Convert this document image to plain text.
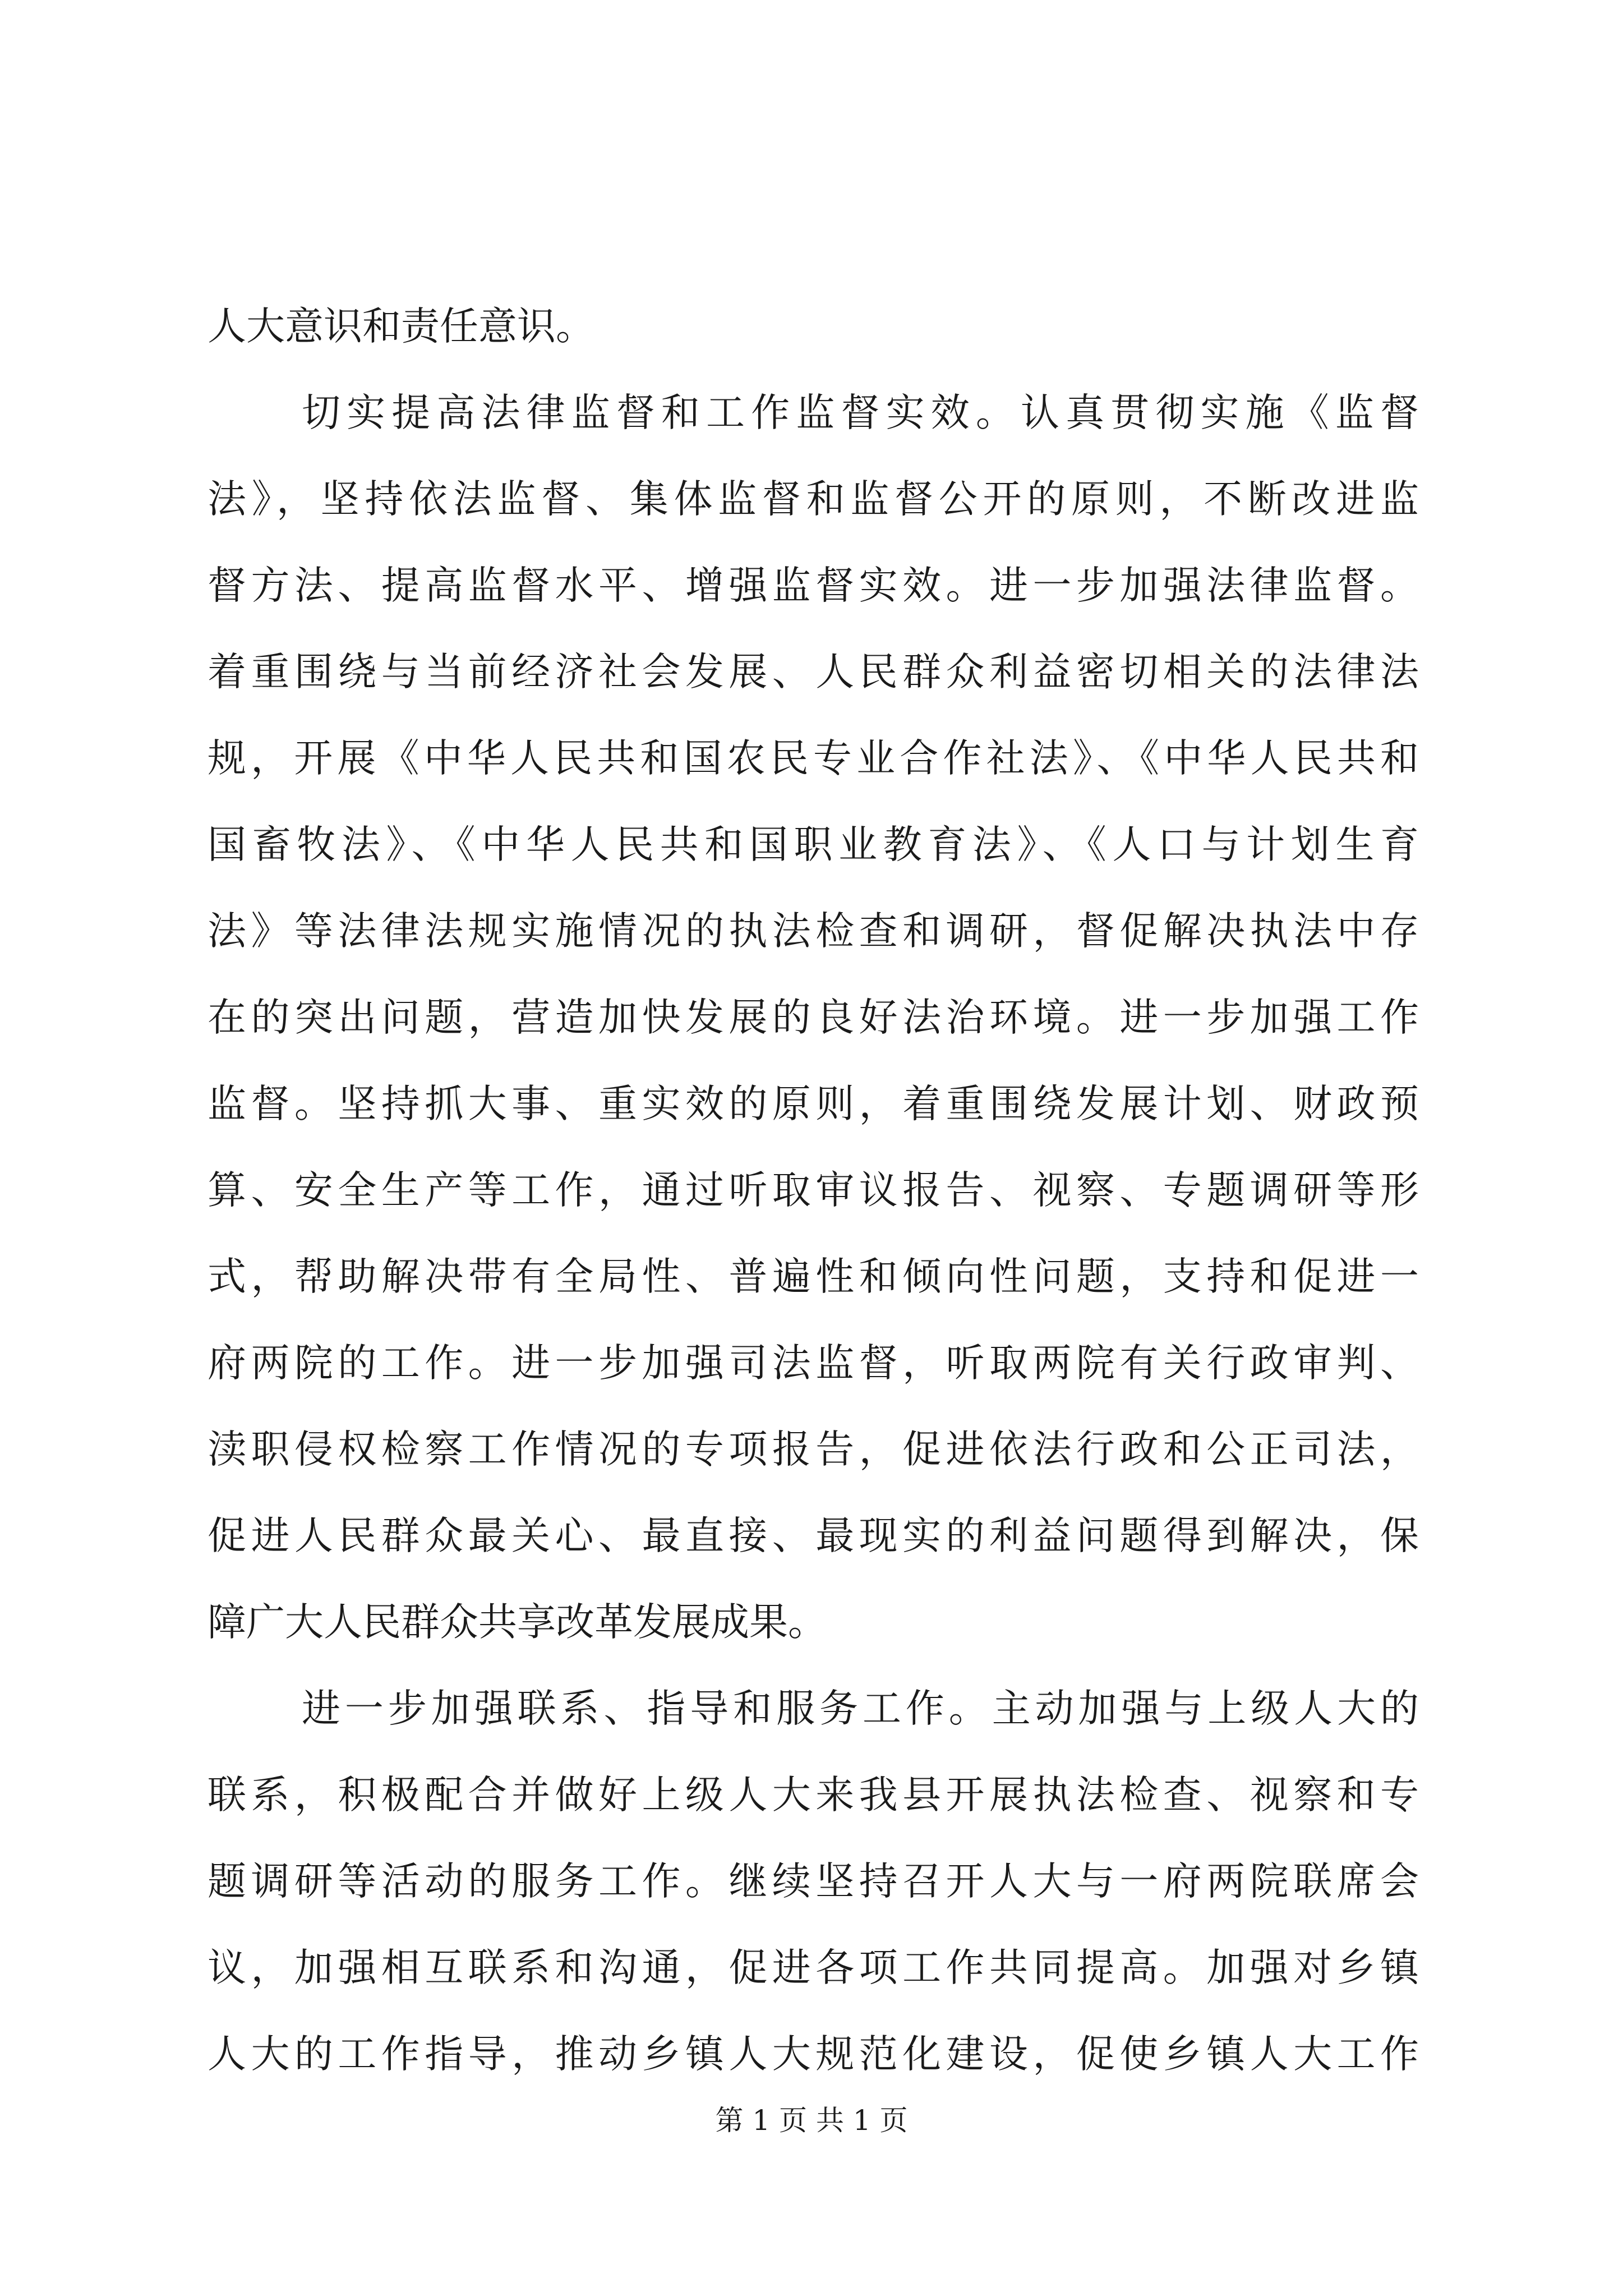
人大意识和责任意识。
切实提高法律监督和工作监督实效。认真贯彻实施《监督
法》，坚持依法监督、集体监督和监督公开的原则，不断改进监
督方法、提高监督水平、增强监督实效。进一步加强法律监督。
着重围绕与当前经济社会发展、人民群众利益密切相关的法律法
规，开展《中华人民共和国农民专业合作社法》、《中华人民共和
国畜牧法》、《中华人民共和国职业教育法》、《人口与计划生育
法》等法律法规实施情况的执法检查和调研，督促解决执法中存
在的突出问题，营造加快发展的良好法治环境。进一步加强工作
监督。坚持抓大事、重实效的原则，着重围绕发展计划、财政预
算、安全生产等工作，通过听取审议报告、视察、专题调研等形
式，帮助解决带有全局性、普遍性和倾向性问题，支持和促进一
府两院的工作。进一步加强司法监督，听取两院有关行政审判、
渎职侵权检察工作情况的专项报告，促进依法行政和公正司法，
促进人民群众最关心、最直接、最现实的利益问题得到解决，保
障广大人民群众共享改革发展成果。
进一步加强联系、指导和服务工作。主动加强与上级人大的
联系，积极配合并做好上级人大来我县开展执法检查、视察和专
题调研等活动的服务工作。继续坚持召开人大与一府两院联席会
议，加强相互联系和沟通，促进各项工作共同提高。加强对乡镇
人大的工作指导，推动乡镇人大规范化建设，促使乡镇人大工作
第 1 页 共 1 页
